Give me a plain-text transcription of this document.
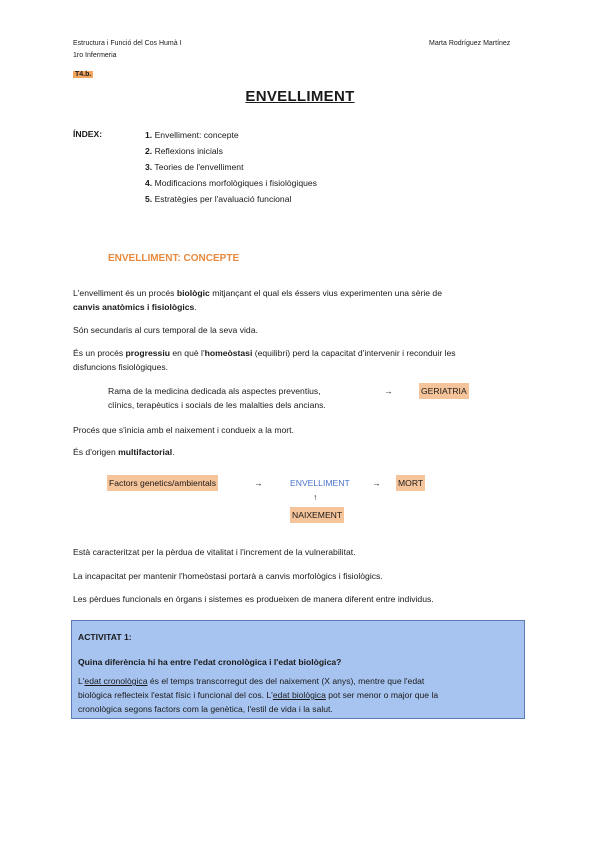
Estructura i Funció del Cos Humà I
1ro Infermeria
Marta Rodríguez Martínez
T4.b.
ENVELLIMENT
ÍNDEX:	1. Envelliment: concepte
2. Reflexions inicials
3. Teories de l'envelliment
4. Modificacions morfològiques i fisiològiques
5. Estratègies per l'avaluació funcional
ENVELLIMENT: CONCEPTE
L'envelliment és un procés biològic mitjançant el qual els éssers vius experimenten una sèrie de
canvis anatòmics i fisiològics.
Són secundaris al curs temporal de la seva vida.
És un procés progressiu en què l'homeòstasi (equilibri) perd la capacitat d'intervenir i reconduir les
disfuncions fisiològiques.
Rama de la medicina dedicada als aspectes preventius,
clínics, terapèutics i socials de les malalties dels ancians.
→	GERIATRIA
Procés que s'inicia amb el naixement i condueix a la mort.
És d'origen multifactorial.
Factors genetics/ambientals	→	ENVELLIMENT	→ MORT
↑
NAIXEMENT
Està caracteritzat per la pèrdua de vitalitat i l'increment de la vulnerabilitat.
La incapacitat per mantenir l'homeòstasi portarà a canvis morfològics i fisiològics.
Les pèrdues funcionals en òrgans i sistemes es produeixen de manera diferent entre individus.
ACTIVITAT 1:
Quina diferència hi ha entre l'edat cronològica i l'edat biològica?
L'edat cronològica és el temps transcorregut des del naixement (X anys), mentre que l'edat
biològica reflecteix l'estat físic i funcional del cos. L'edat biològica pot ser menor o major que la
cronològica segons factors com la genètica, l'estil de vida i la salut.
